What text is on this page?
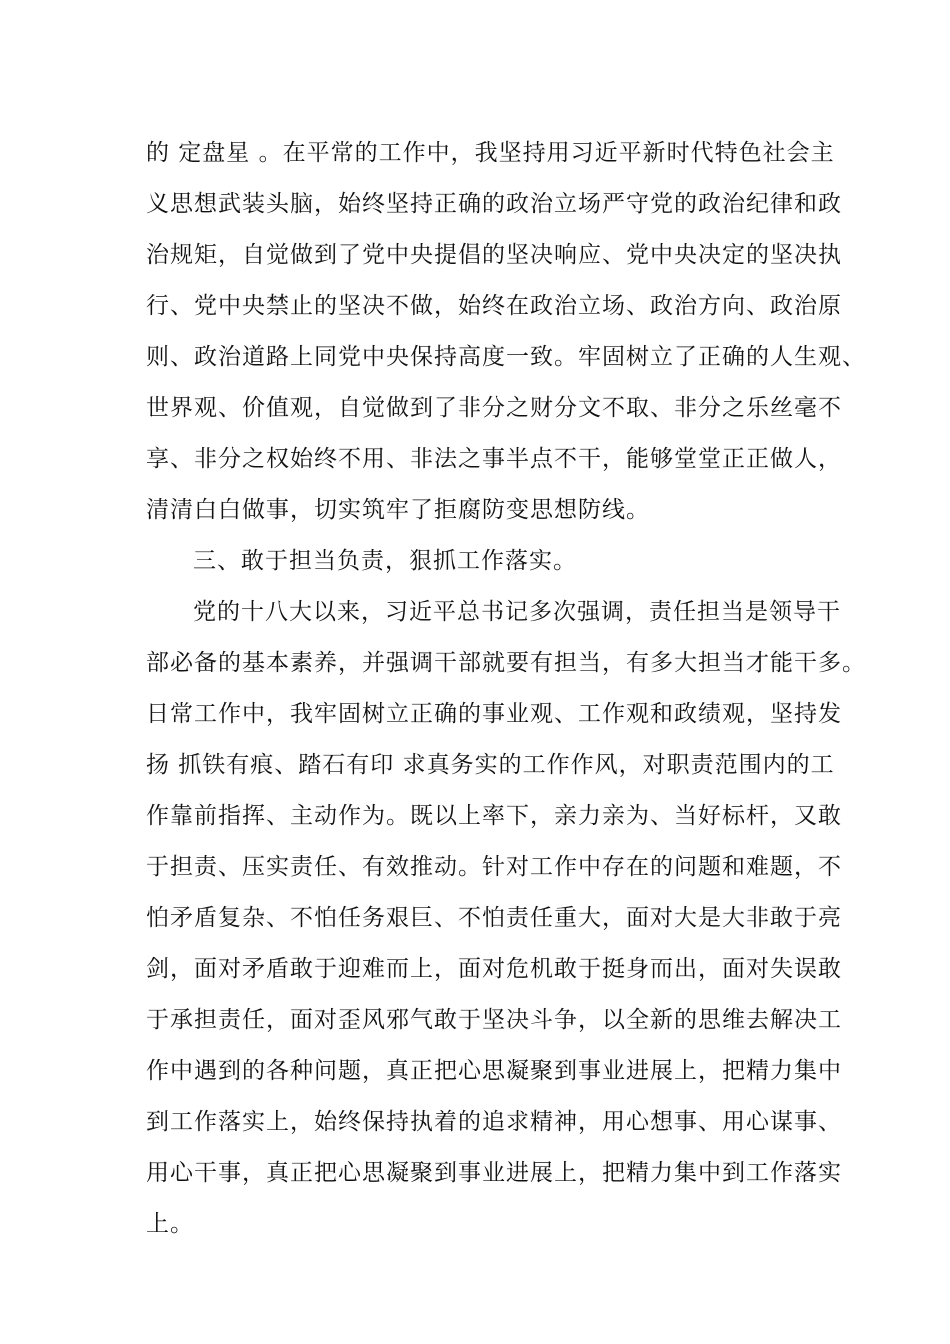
的 定盘星 。在平常的工作中，我坚持用习近平新时代特色社会主
义思想武装头脑，始终坚持正确的政治立场严守党的政治纪律和政
治规矩，自觉做到了党中央提倡的坚决响应、党中央决定的坚决执
行、党中央禁止的坚决不做，始终在政治立场、政治方向、政治原
则、政治道路上同党中央保持高度一致。牢固树立了正确的人生观、
世界观、价值观，自觉做到了非分之财分文不取、非分之乐丝毫不
享、非分之权始终不用、非法之事半点不干，能够堂堂正正做人，
清清白白做事，切实筑牢了拒腐防变思想防线。
三、敢于担当负责，狠抓工作落实。
党的十八大以来，习近平总书记多次强调，责任担当是领导干
部必备的基本素养，并强调干部就要有担当，有多大担当才能干多。
日常工作中，我牢固树立正确的事业观、工作观和政绩观，坚持发
扬 抓铁有痕、踏石有印 求真务实的工作作风，对职责范围内的工
作靠前指挥、主动作为。既以上率下，亲力亲为、当好标杆，又敢
于担责、压实责任、有效推动。针对工作中存在的问题和难题，不
怕矛盾复杂、不怕任务艰巨、不怕责任重大，面对大是大非敢于亮
剑，面对矛盾敢于迎难而上，面对危机敢于挺身而出，面对失误敢
于承担责任，面对歪风邪气敢于坚决斗争，以全新的思维去解决工
作中遇到的各种问题，真正把心思凝聚到事业进展上，把精力集中
到工作落实上，始终保持执着的追求精神，用心想事、用心谋事、
用心干事，真正把心思凝聚到事业进展上，把精力集中到工作落实
上。
